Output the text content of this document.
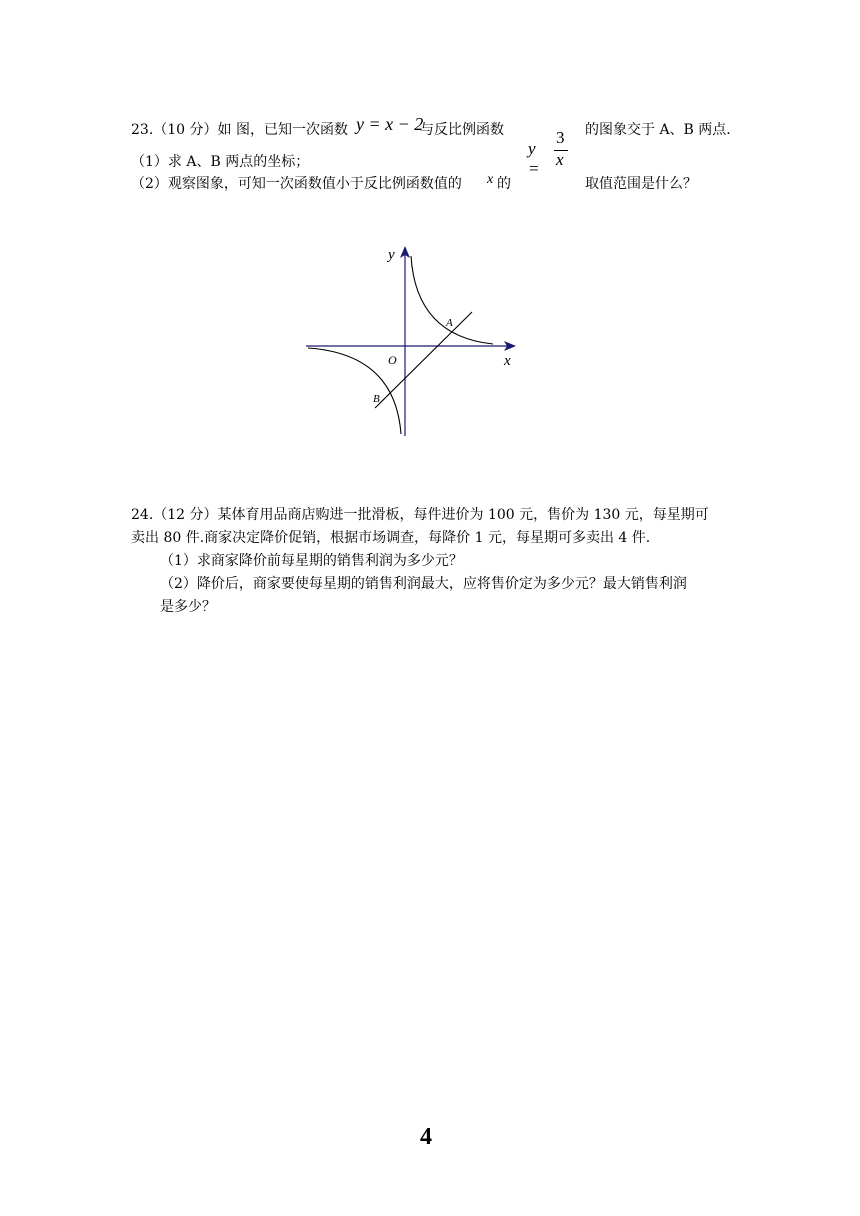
23.（10 分）如 图，已知一次函数 y = x − 2
与反比例函数
y =
3
x
的图象交于 A、B 两点．
（1）求 A、B 两点的坐标；
（2）观察图象，可知一次函数值小于反比例函数值的 x 的	取值范围是什么？
y
x
O
A
B
24.（12 分）某体育用品商店购进一批滑板，每件进价为 100 元，售价为 130 元，每星期可
卖出 80 件.商家决定降价促销，根据市场调查，每降价 1 元，每星期可多卖出 4 件.
（1）求商家降价前每星期的销售利润为多少元？
（2）降价后，商家要使每星期的销售利润最大，应将售价定为多少元？最大销售利润
是多少？
4
